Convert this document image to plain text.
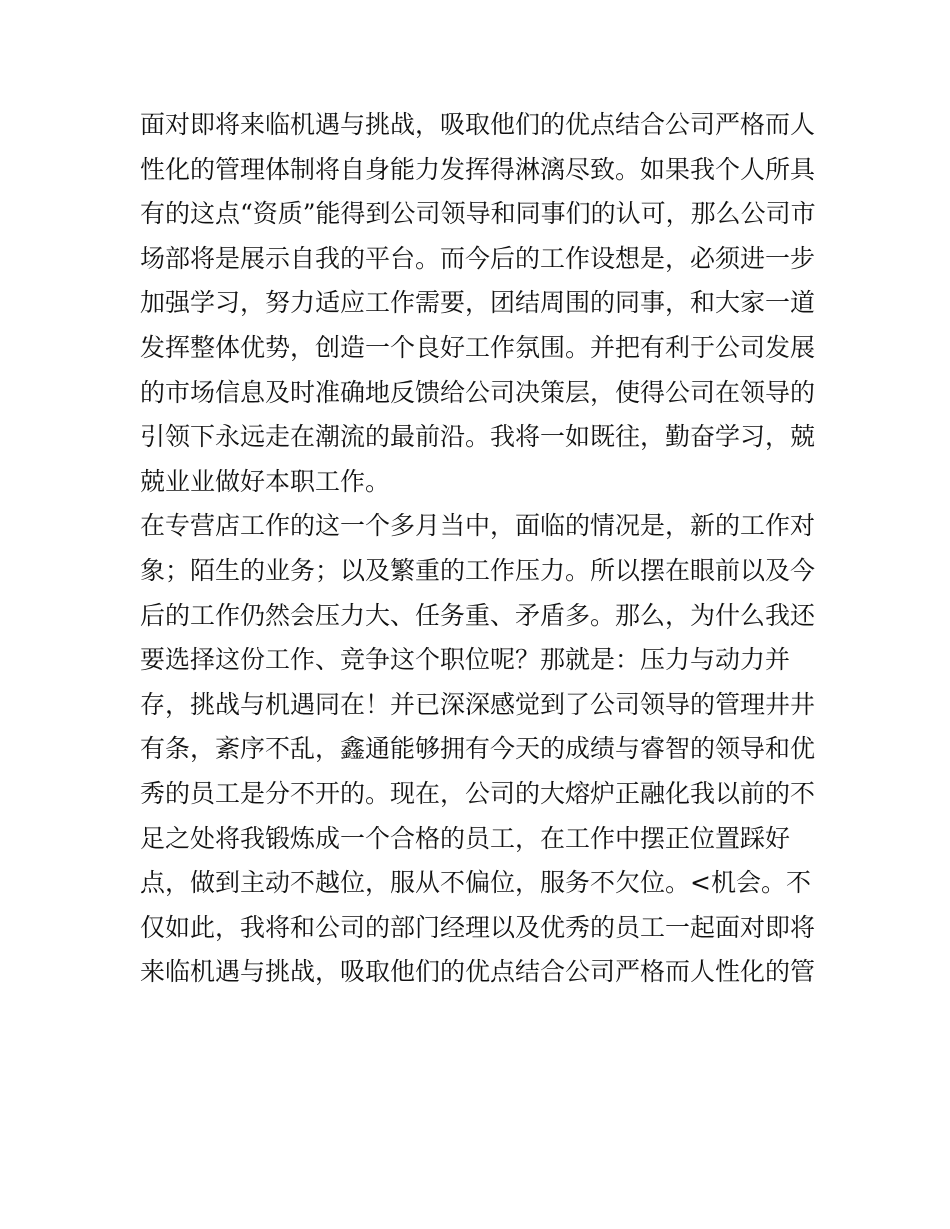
面对即将来临机遇与挑战，吸取他们的优点结合公司严格而人
性化的管理体制将自身能力发挥得淋漓尽致。如果我个人所具
有的这点“资质”能得到公司领导和同事们的认可，那么公司市
场部将是展示自我的平台。而今后的工作设想是，必须进一步
加强学习，努力适应工作需要，团结周围的同事，和大家一道
发挥整体优势，创造一个良好工作氛围。并把有利于公司发展
的市场信息及时准确地反馈给公司决策层，使得公司在领导的
引领下永远走在潮流的最前沿。我将一如既往，勤奋学习，兢
兢业业做好本职工作。
在专营店工作的这一个多月当中，面临的情况是，新的工作对
象；陌生的业务；以及繁重的工作压力。所以摆在眼前以及今
后的工作仍然会压力大、任务重、矛盾多。那么，为什么我还
要选择这份工作、竞争这个职位呢？那就是：压力与动力并
存，挑战与机遇同在！并已深深感觉到了公司领导的管理井井
有条，紊序不乱，鑫通能够拥有今天的成绩与睿智的领导和优
秀的员工是分不开的。现在，公司的大熔炉正融化我以前的不
足之处将我锻炼成一个合格的员工，在工作中摆正位置踩好
点，做到主动不越位，服从不偏位，服务不欠位。<机会。不
仅如此，我将和公司的部门经理以及优秀的员工一起面对即将
来临机遇与挑战，吸取他们的优点结合公司严格而人性化的管
